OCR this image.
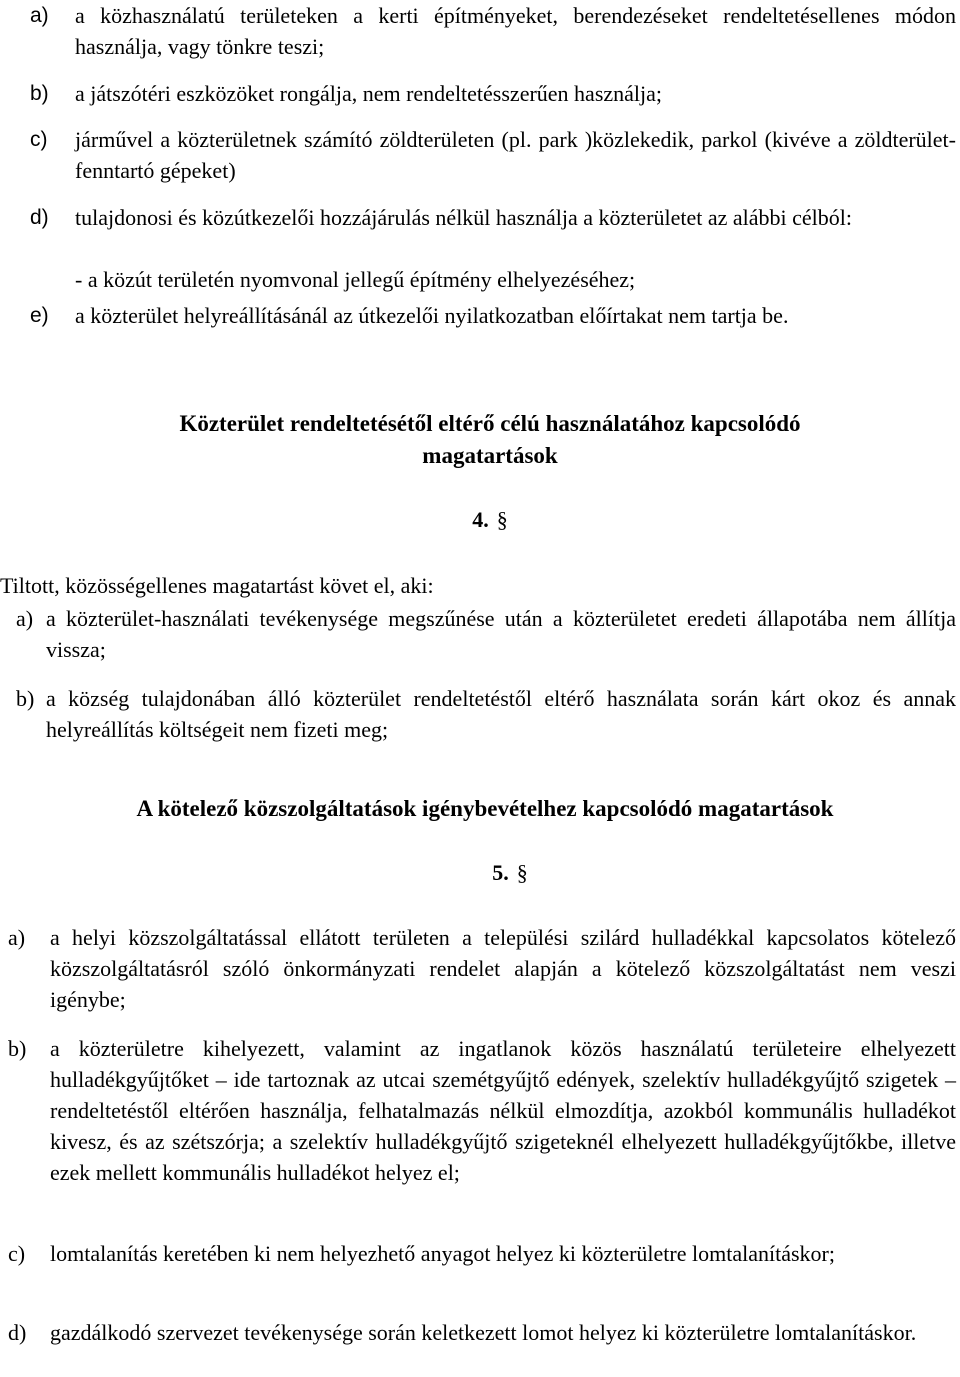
a) a közhasználatú területeken a kerti építményeket, berendezéseket rendeltetésellenes módon használja, vagy tönkre teszi;
b) a játszótéri eszközöket rongálja, nem rendeltetésszerűen használja;
c) járművel a közterületnek számító zöldterületen (pl. park )közlekedik, parkol (kivéve a zöldterület-fenntartó gépeket)
d) tulajdonosi és közútkezelői hozzájárulás nélkül használja a közterületet az alábbi célból:
- a közút területén nyomvonal jellegű építmény elhelyezéséhez;
e) a közterület helyreállításánál az útkezelői nyilatkozatban előírtakat nem tartja be.
Közterület rendeltetésétől eltérő célú használatához kapcsolódó magatartások
4. §
Tiltott, közösségellenes magatartást követ el, aki:
a) a közterület-használati tevékenysége megszűnése után a közterületet eredeti állapotába nem állítja vissza;
b) a község tulajdonában álló közterület rendeltetéstől eltérő használata során kárt okoz és annak helyreállítás költségeit nem fizeti meg;
A kötelező közszolgáltatások igénybevételhez kapcsolódó magatartások
5. §
a) a helyi közszolgáltatással ellátott területen a települési szilárd hulladékkal kapcsolatos kötelező közszolgáltatásról szóló önkormányzati rendelet alapján a kötelező közszolgáltatást nem veszi igénybe;
b) a közterületre kihelyezett, valamint az ingatlanok közös használatú területeire elhelyezett hulladékgyűjtőket – ide tartoznak az utcai szemétgyűjtő edények, szelektív hulladékgyűjtő szigetek – rendeltetéstől eltérően használja, felhatalmazás nélkül elmozdítja, azokból kommunális hulladékot kivesz, és az szétszórja; a szelektív hulladékgyűjtő szigeteknél elhelyezett hulladékgyűjtőkbe, illetve ezek mellett kommunális hulladékot helyez el;
c) lomtalanítás keretében ki nem helyezhető anyagot helyez ki közterületre lomtalanításkor;
d) gazdálkodó szervezet tevékenysége során keletkezett lomot helyez ki közterületre lomtalanításkor.
